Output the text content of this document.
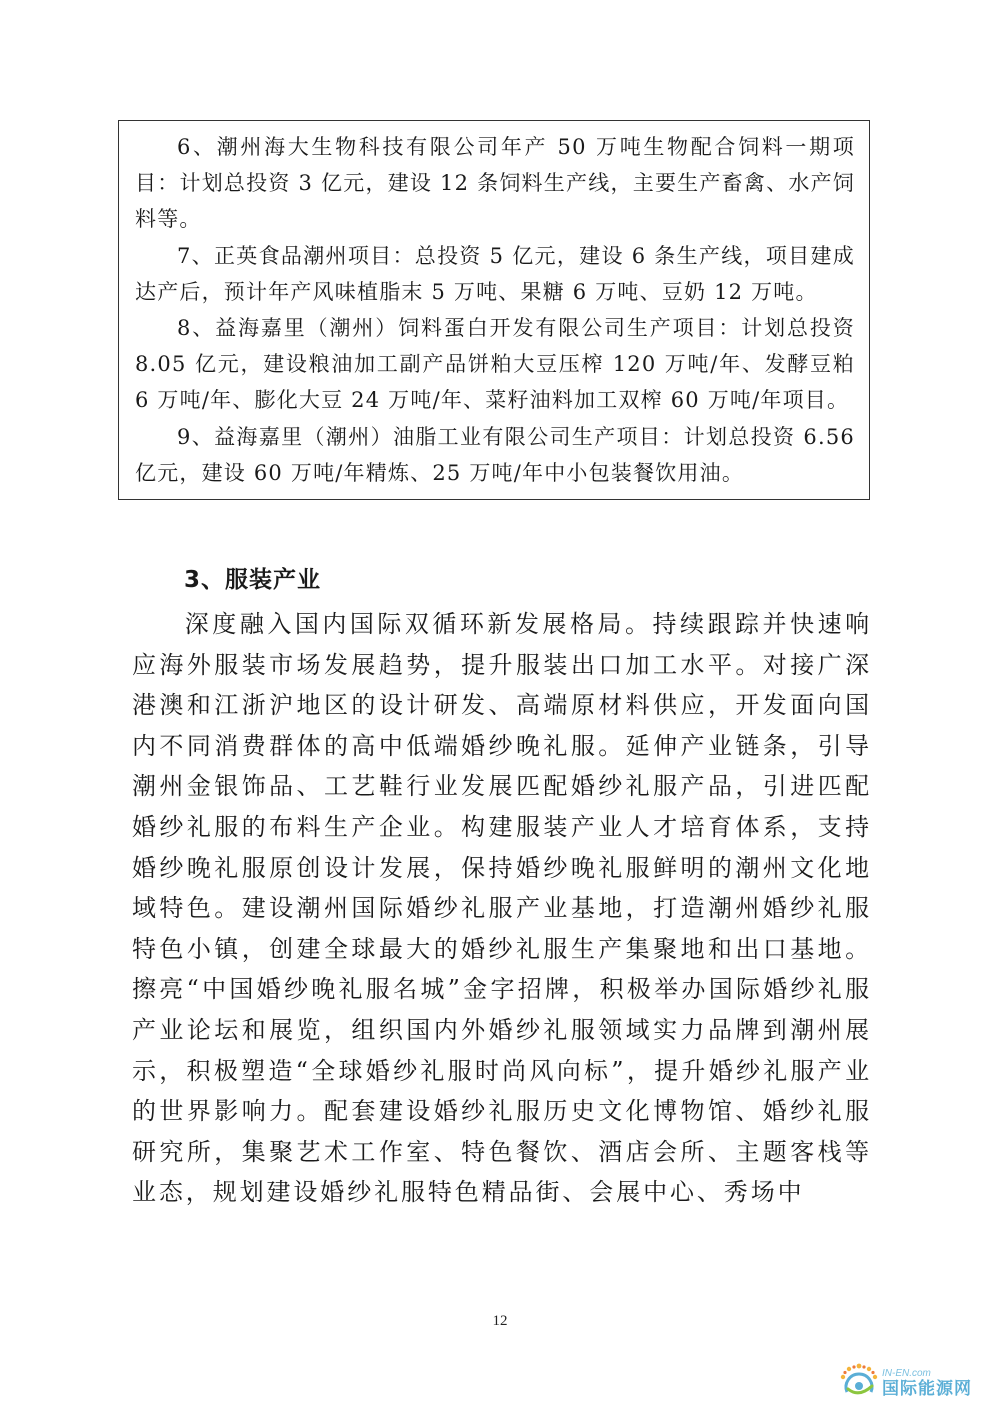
6、潮州海大生物科技有限公司年产 50 万吨生物配合饲料一期项目：计划总投资 3 亿元，建设 12 条饲料生产线，主要生产畜禽、水产饲料等。

7、正英食品潮州项目：总投资 5 亿元，建设 6 条生产线，项目建成达产后，预计年产风味植脂末 5 万吨、果糖 6 万吨、豆奶 12 万吨。

8、益海嘉里（潮州）饲料蛋白开发有限公司生产项目：计划总投资 8.05 亿元，建设粮油加工副产品饼粕大豆压榨 120 万吨/年、发酵豆粕 6 万吨/年、膨化大豆 24 万吨/年、菜籽油料加工双榨 60 万吨/年项目。

9、益海嘉里（潮州）油脂工业有限公司生产项目：计划总投资 6.56 亿元，建设 60 万吨/年精炼、25 万吨/年中小包装餐饮用油。

3、服装产业

深度融入国内国际双循环新发展格局。持续跟踪并快速响应海外服装市场发展趋势，提升服装出口加工水平。对接广深港澳和江浙沪地区的设计研发、高端原材料供应，开发面向国内不同消费群体的高中低端婚纱晚礼服。延伸产业链条，引导潮州金银饰品、工艺鞋行业发展匹配婚纱礼服产品，引进匹配婚纱礼服的布料生产企业。构建服装产业人才培育体系，支持婚纱晚礼服原创设计发展，保持婚纱晚礼服鲜明的潮州文化地域特色。建设潮州国际婚纱礼服产业基地，打造潮州婚纱礼服特色小镇，创建全球最大的婚纱礼服生产集聚地和出口基地。擦亮“中国婚纱晚礼服名城”金字招牌，积极举办国际婚纱礼服产业论坛和展览，组织国内外婚纱礼服领域实力品牌到潮州展示，积极塑造“全球婚纱礼服时尚风向标”，提升婚纱礼服产业的世界影响力。配套建设婚纱礼服历史文化博物馆、婚纱礼服研究所，集聚艺术工作室、特色餐饮、酒店会所、主题客栈等业态，规划建设婚纱礼服特色精品街、会展中心、秀场中

12
IN-EN.com
国际能源网
